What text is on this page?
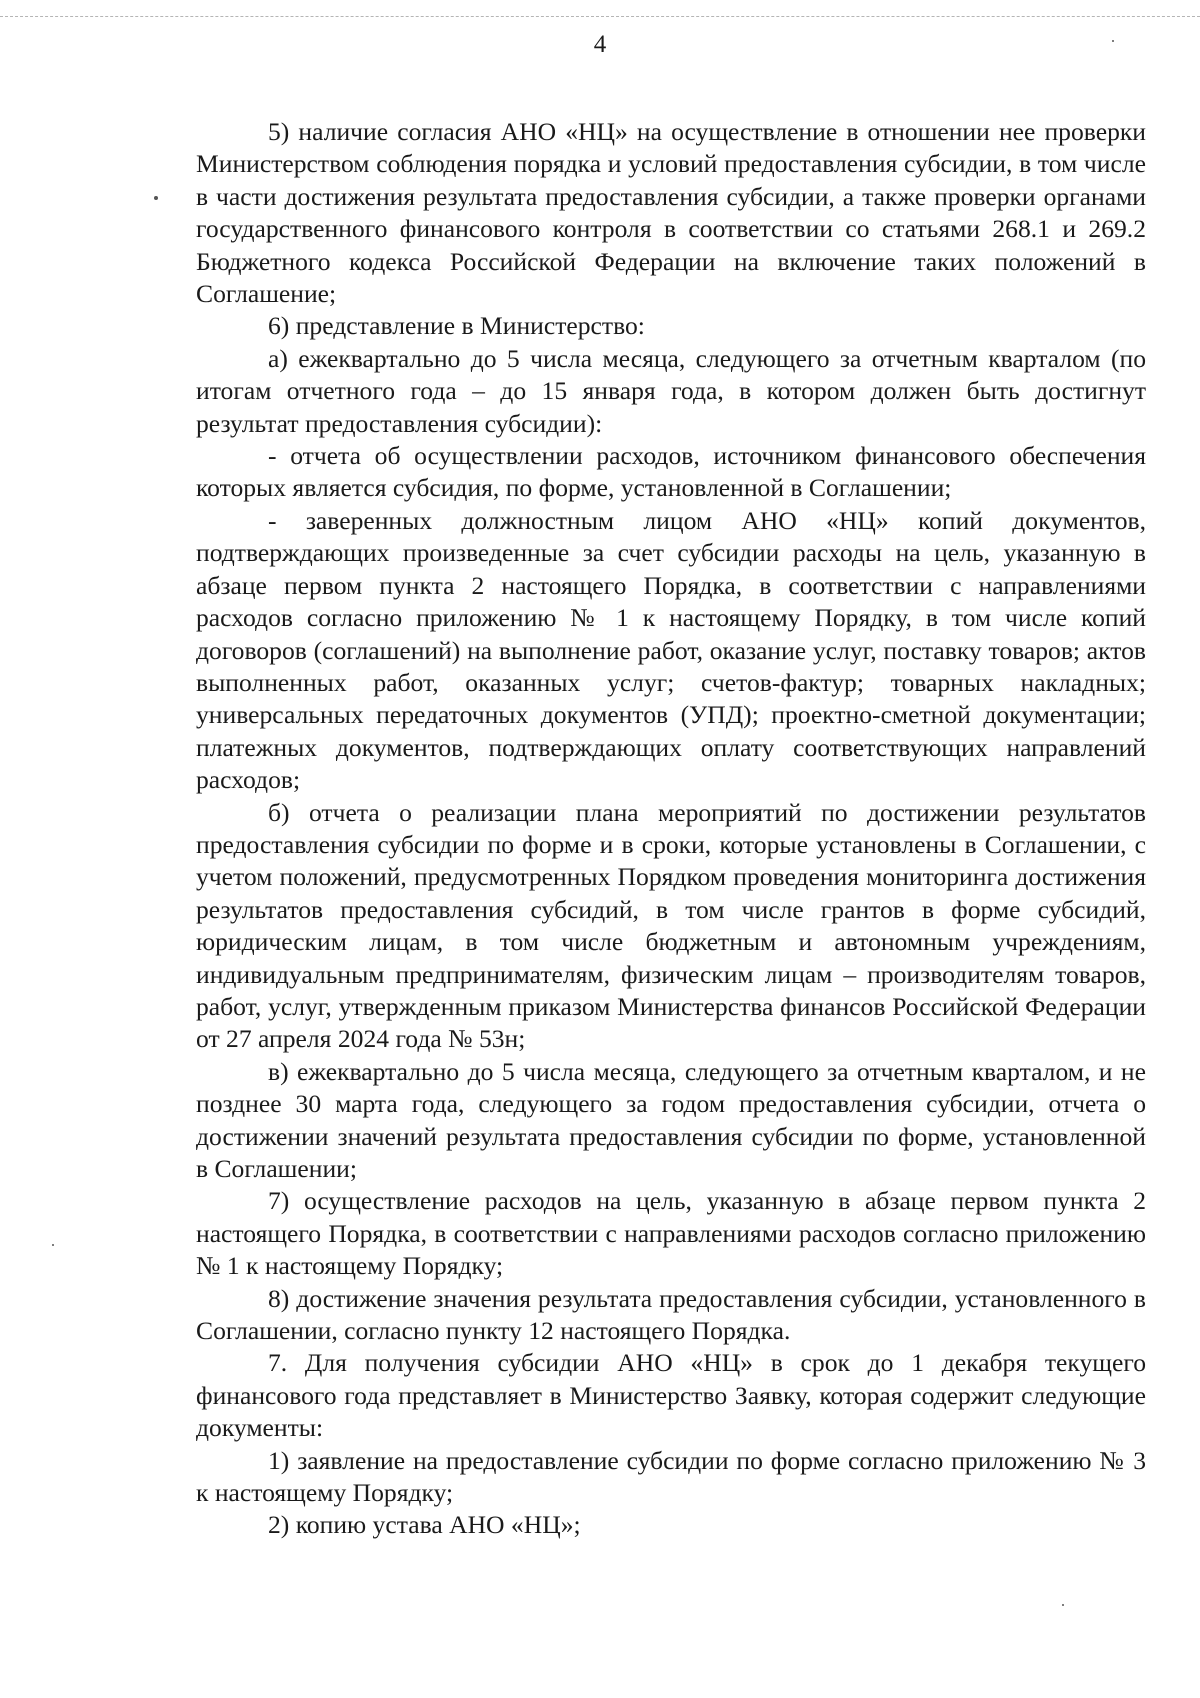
4

5) наличие согласия АНО «НЦ» на осуществление в отношении нее проверки Министерством соблюдения порядка и условий предоставления субсидии, в том числе в части достижения результата предоставления субсидии, а также проверки органами государственного финансового контроля в соответствии со статьями 268.1 и 269.2 Бюджетного кодекса Российской Федерации на включение таких положений в Соглашение;

6) представление в Министерство:

а) ежеквартально до 5 числа месяца, следующего за отчетным кварталом (по итогам отчетного года – до 15 января года, в котором должен быть достигнут результат предоставления субсидии):

- отчета об осуществлении расходов, источником финансового обеспечения которых является субсидия, по форме, установленной в Соглашении;

- заверенных должностным лицом АНО «НЦ» копий документов, подтверждающих произведенные за счет субсидии расходы на цель, указанную в абзаце первом пункта 2 настоящего Порядка, в соответствии с направлениями расходов согласно приложению № 1 к настоящему Порядку, в том числе копий договоров (соглашений) на выполнение работ, оказание услуг, поставку товаров; актов выполненных работ, оказанных услуг; счетов-фактур; товарных накладных; универсальных передаточных документов (УПД); проектно-сметной документации; платежных документов, подтверждающих оплату соответствующих направлений расходов;

б) отчета о реализации плана мероприятий по достижении результатов предоставления субсидии по форме и в сроки, которые установлены в Соглашении, с учетом положений, предусмотренных Порядком проведения мониторинга достижения результатов предоставления субсидий, в том числе грантов в форме субсидий, юридическим лицам, в том числе бюджетным и автономным учреждениям, индивидуальным предпринимателям, физическим лицам – производителям товаров, работ, услуг, утвержденным приказом Министерства финансов Российской Федерации от 27 апреля 2024 года № 53н;

в) ежеквартально до 5 числа месяца, следующего за отчетным кварталом, и не позднее 30 марта года, следующего за годом предоставления субсидии, отчета о достижении значений результата предоставления субсидии по форме, установленной в Соглашении;

7) осуществление расходов на цель, указанную в абзаце первом пункта 2 настоящего Порядка, в соответствии с направлениями расходов согласно приложению № 1 к настоящему Порядку;

8) достижение значения результата предоставления субсидии, установленного в Соглашении, согласно пункту 12 настоящего Порядка.

7. Для получения субсидии АНО «НЦ» в срок до 1 декабря текущего финансового года представляет в Министерство Заявку, которая содержит следующие документы:

1) заявление на предоставление субсидии по форме согласно приложению № 3 к настоящему Порядку;

2) копию устава АНО «НЦ»;
